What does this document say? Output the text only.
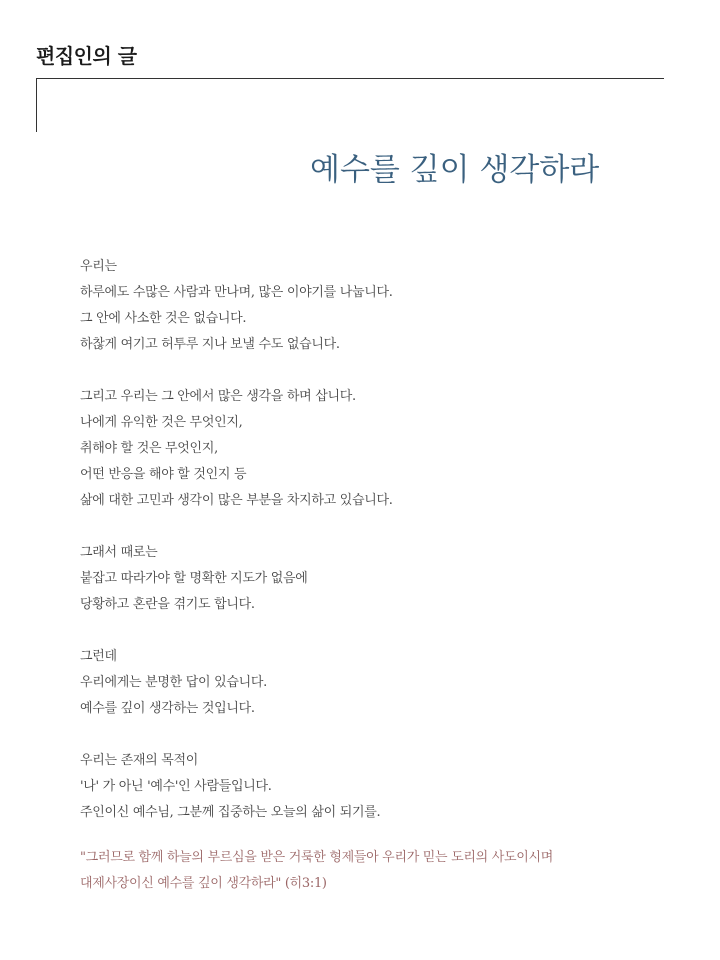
편집인의 글
예수를 깊이 생각하라
우리는
하루에도 수많은 사람과 만나며, 많은 이야기를 나눕니다.
그 안에 사소한 것은 없습니다.
하찮게 여기고 허투루 지나 보낼 수도 없습니다.
그리고 우리는 그 안에서 많은 생각을 하며 삽니다.
나에게 유익한 것은 무엇인지,
취해야 할 것은 무엇인지,
어떤 반응을 해야 할 것인지 등
삶에 대한 고민과 생각이 많은 부분을 차지하고 있습니다.
그래서 때로는
붙잡고 따라가야 할 명확한 지도가 없음에
당황하고 혼란을 겪기도 합니다.
그런데
우리에게는 분명한 답이 있습니다.
예수를 깊이 생각하는 것입니다.
우리는 존재의 목적이
'나' 가 아닌 '예수'인 사람들입니다.
주인이신 예수님, 그분께 집중하는 오늘의 삶이 되기를.
"그러므로 함께 하늘의 부르심을 받은 거룩한 형제들아 우리가 믿는 도리의 사도이시며
대제사장이신 예수를 깊이 생각하라" (히3:1)
